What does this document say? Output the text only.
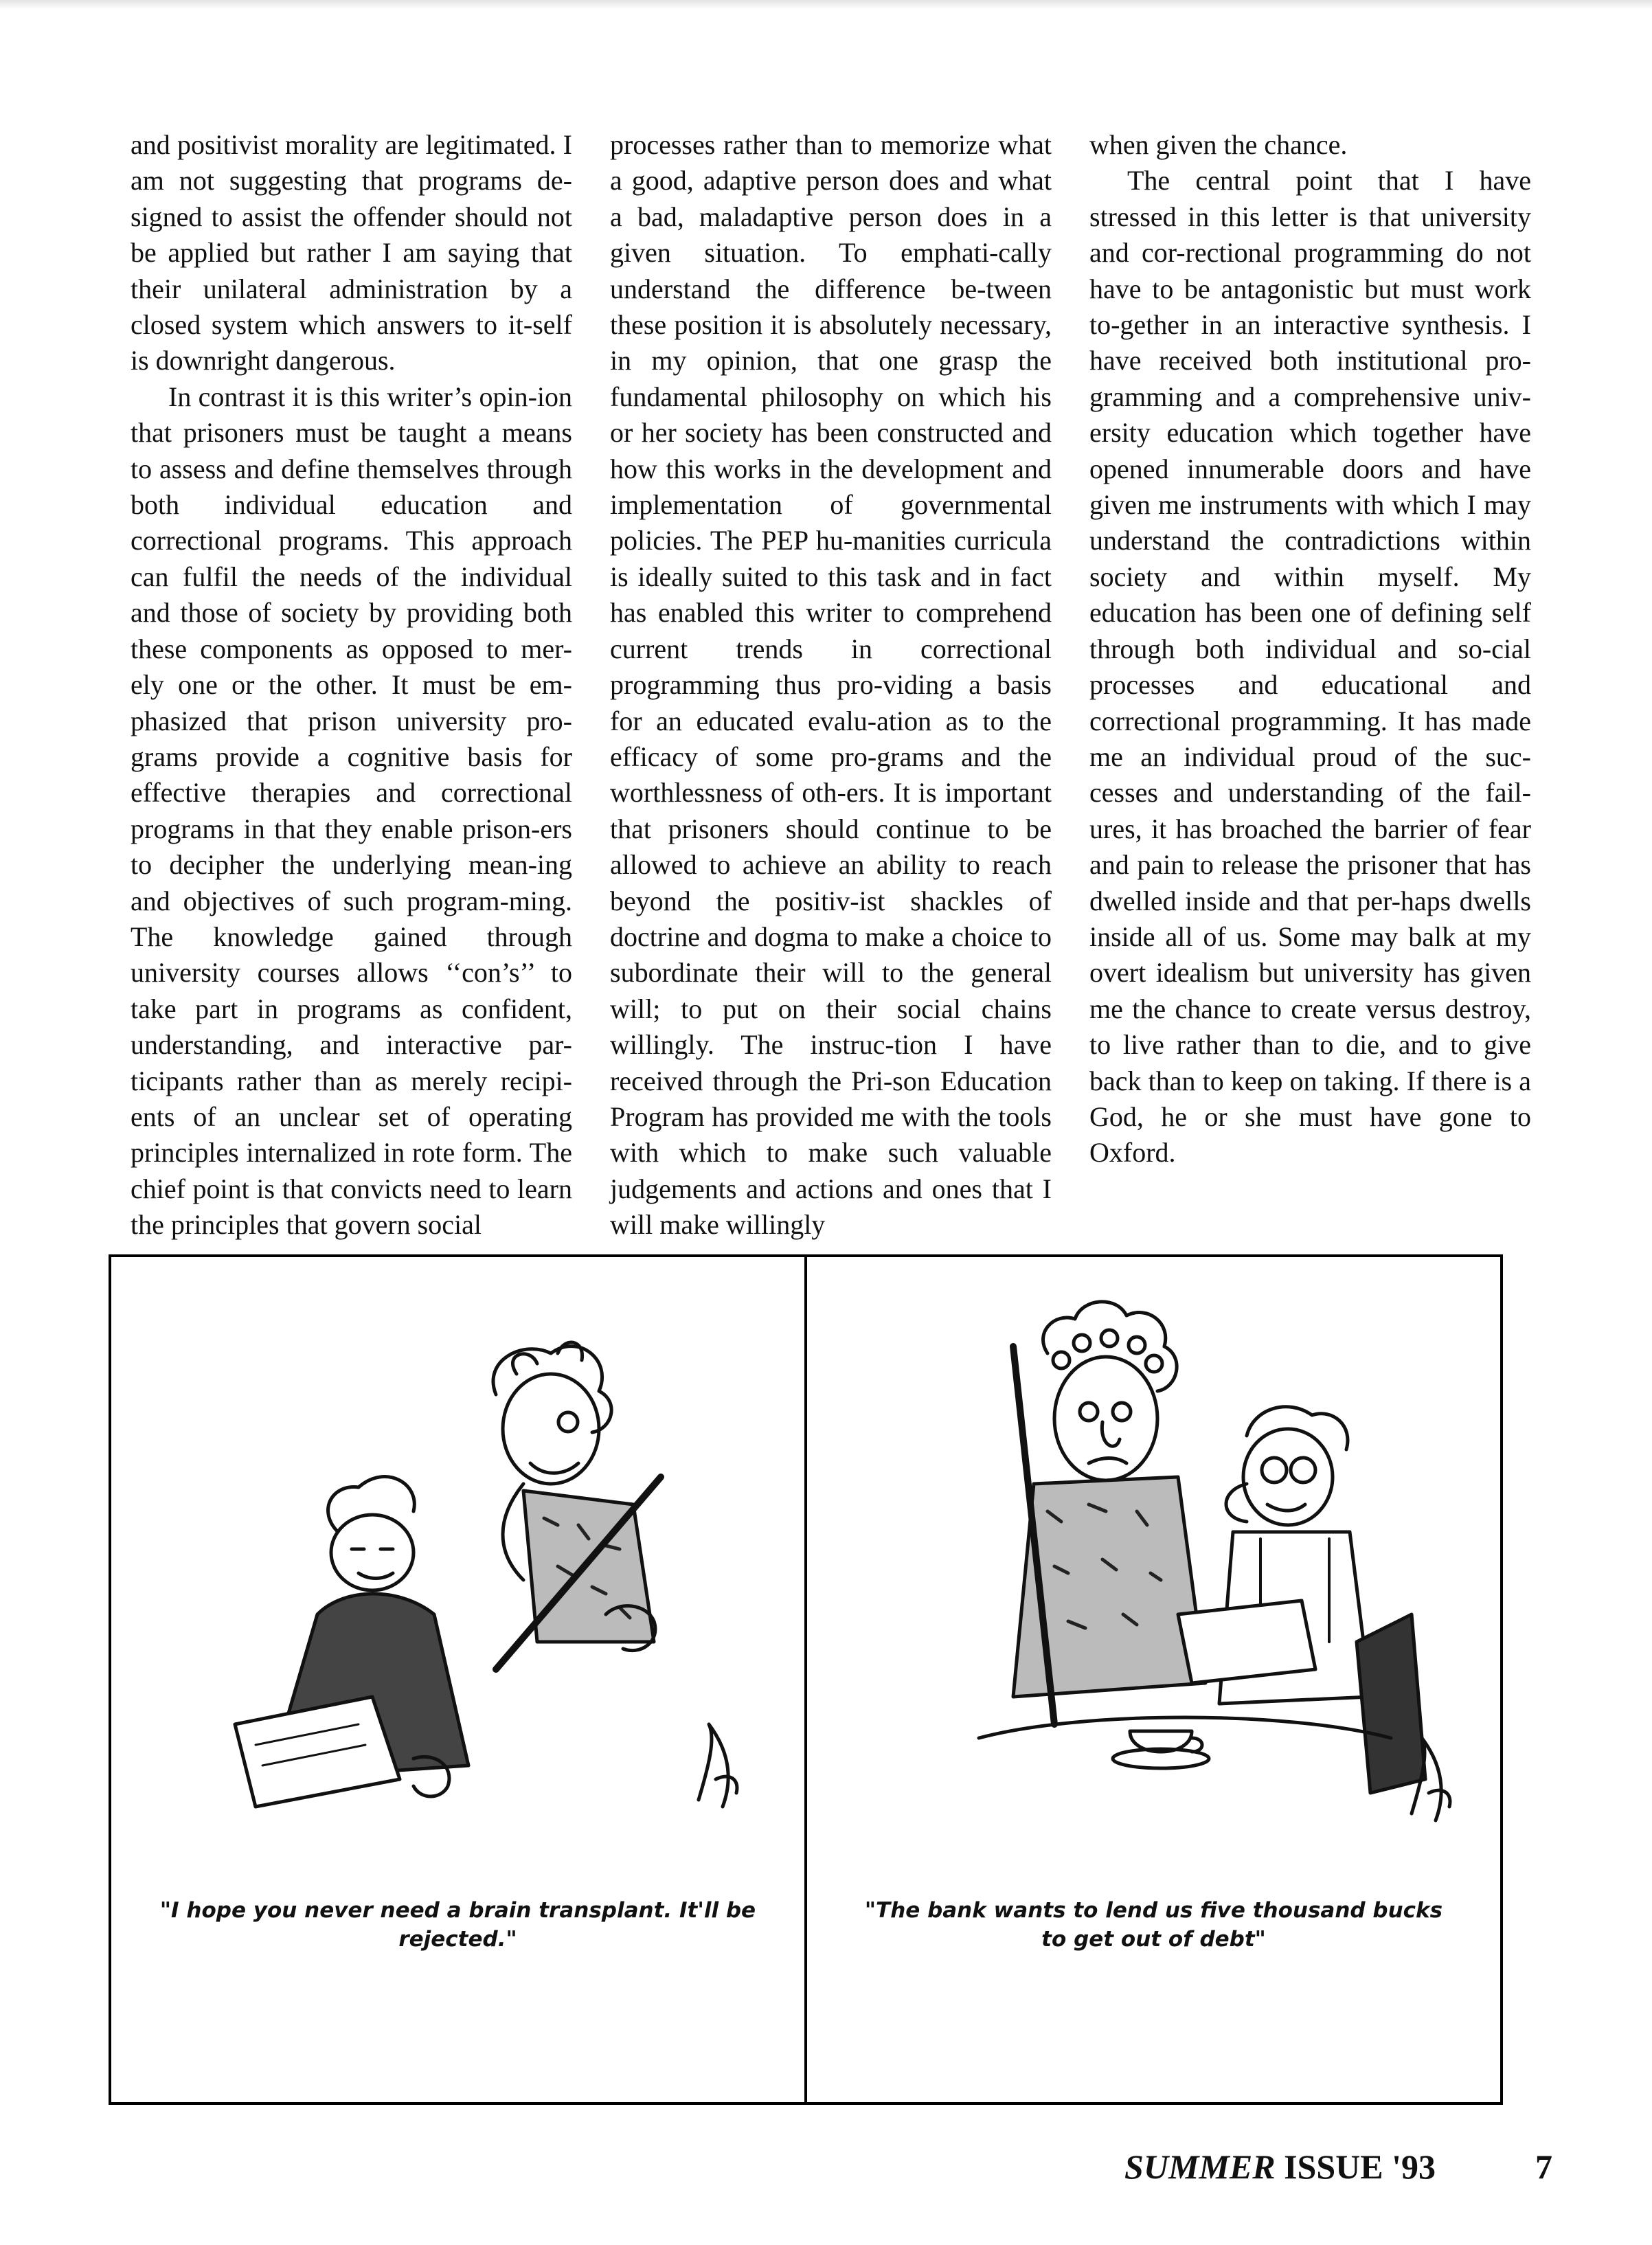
and positivist morality are legitimated. I am not suggesting that programs de-signed to assist the offender should not be applied but rather I am saying that their unilateral administration by a closed system which answers to it-self is downright dangerous.

In contrast it is this writer’s opin-ion that prisoners must be taught a means to assess and define themselves through both individual education and correctional programs. This approach can fulfil the needs of the individual and those of society by providing both these components as opposed to mer-ely one or the other. It must be em-phasized that prison university pro-grams provide a cognitive basis for effective therapies and correctional programs in that they enable prison-ers to decipher the underlying mean-ing and objectives of such program-ming. The knowledge gained through university courses allows ‘‘con’s’’ to take part in programs as confident, understanding, and interactive par-ticipants rather than as merely recipi-ents of an unclear set of operating principles internalized in rote form. The chief point is that convicts need to learn the principles that govern social

processes rather than to memorize what a good, adaptive person does and what a bad, maladaptive person does in a given situation. To emphati-cally understand the difference be-tween these position it is absolutely necessary, in my opinion, that one grasp the fundamental philosophy on which his or her society has been constructed and how this works in the development and implementation of governmental policies. The PEP hu-manities curricula is ideally suited to this task and in fact has enabled this writer to comprehend current trends in correctional programming thus pro-viding a basis for an educated evalu-ation as to the efficacy of some pro-grams and the worthlessness of oth-ers. It is important that prisoners should continue to be allowed to achieve an ability to reach beyond the positiv-ist shackles of doctrine and dogma to make a choice to subordinate their will to the general will; to put on their social chains willingly. The instruc-tion I have received through the Pri-son Education Program has provided me with the tools with which to make such valuable judgements and actions and ones that I will make willingly

when given the chance.

The central point that I have stressed in this letter is that university and cor-rectional programming do not have to be antagonistic but must work to-gether in an interactive synthesis. I have received both institutional pro-gramming and a comprehensive univ-ersity education which together have opened innumerable doors and have given me instruments with which I may understand the contradictions within society and within myself. My education has been one of defining self through both individual and so-cial processes and educational and correctional programming. It has made me an individual proud of the suc-cesses and understanding of the fail-ures, it has broached the barrier of fear and pain to release the prisoner that has dwelled inside and that per-haps dwells inside all of us. Some may balk at my overt idealism but university has given me the chance to create versus destroy, to live rather than to die, and to give back than to keep on taking. If there is a God, he or she must have gone to Oxford.

"I hope you never need a brain transplant. It'll be rejected."
"The bank wants to lend us five thousand bucks to get out of debt"
SUMMER ISSUE '93	7
